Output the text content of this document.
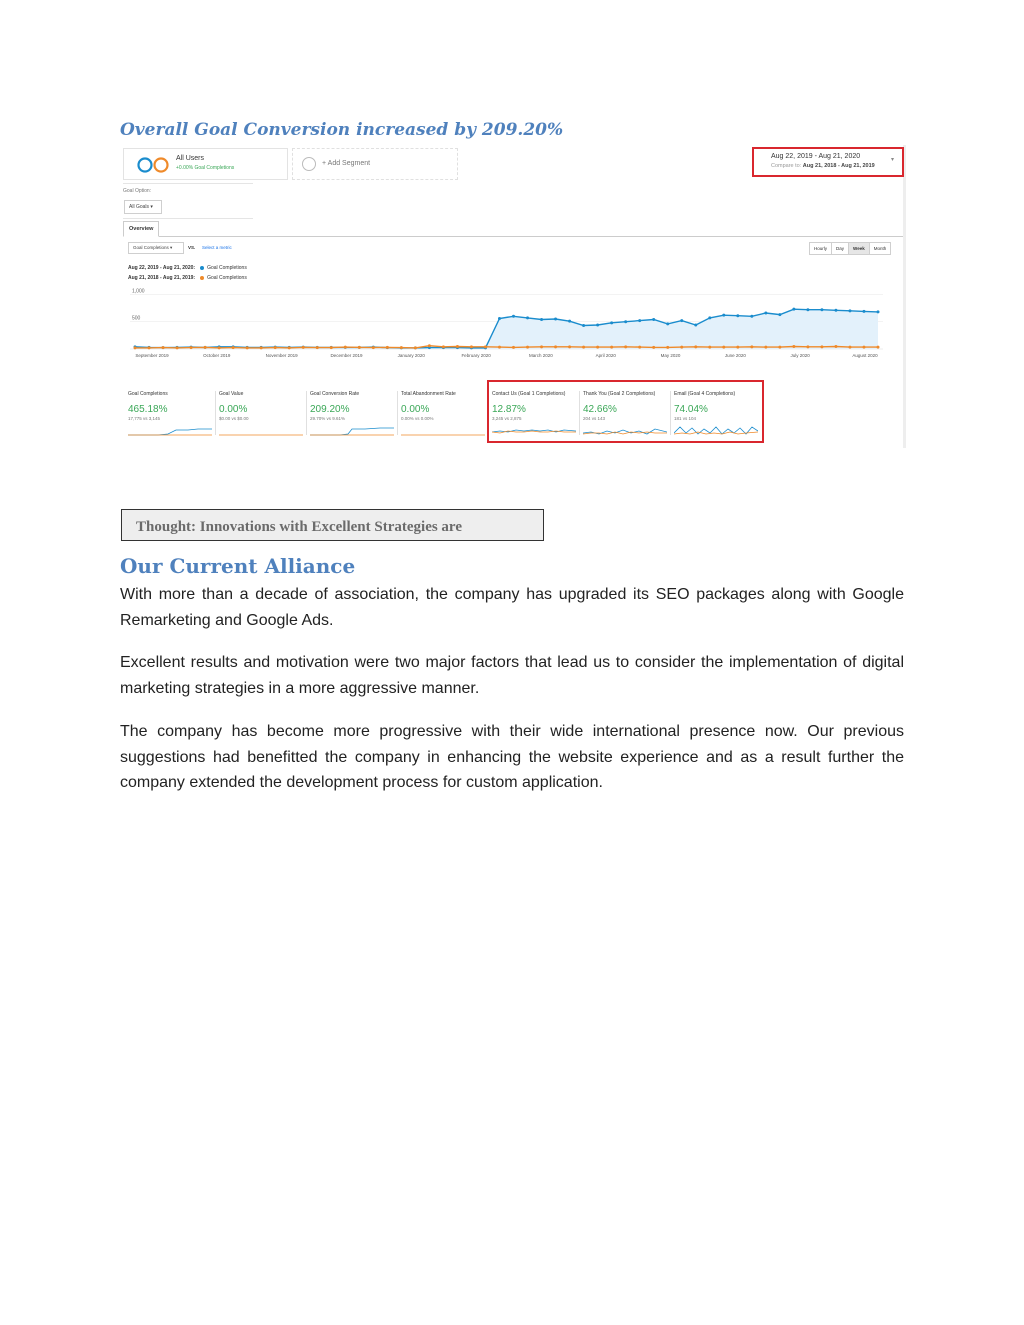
Overall Goal Conversion increased by 209.20%
All Users
+0.00% Goal Completions
+ Add Segment
Aug 22, 2019 - Aug 21, 2020
Compare to: Aug 21, 2018 - Aug 21, 2019
▾
Goal Option:
All Goals ▾
Overview
Goal Completions ▾	VS. Select a metric	Hourly	Day	Week	Month
Aug 22, 2019 - Aug 21, 2020: Goal Completions
Aug 21, 2018 - Aug 21, 2019: Goal Completions
1,000
500
September 2019	October 2019	November 2019	December 2019	January 2020	February 2020	March 2020	April 2020	May 2020	June 2020	July 2020	August 2020
Goal Completions
465.18%
17,775 vs 3,145
Goal Value
0.00%
$0.00 vs $0.00
Goal Conversion Rate
209.20%
29.70% vs 9.61%
Total Abandonment Rate
0.00%
0.00% vs 0.00%
Contact Us (Goal 1 Completions)
12.87%
3,245 vs 2,875
Thank You (Goal 2 Completions)
42.66%
204 vs 143
Email (Goal 4 Completions)
74.04%
181 vs 104
Thought: Innovations with Excellent Strategies are
Our Current Alliance

With more than a decade of association, the company has upgraded its SEO packages along with Google Remarketing and Google Ads.

Excellent results and motivation were two major factors that lead us to consider the implementation of digital marketing strategies in a more aggressive manner.

The company has become more progressive with their wide international presence now. Our previous suggestions had benefitted the company in enhancing the website experience and as a result further the company extended the development process for custom application.
